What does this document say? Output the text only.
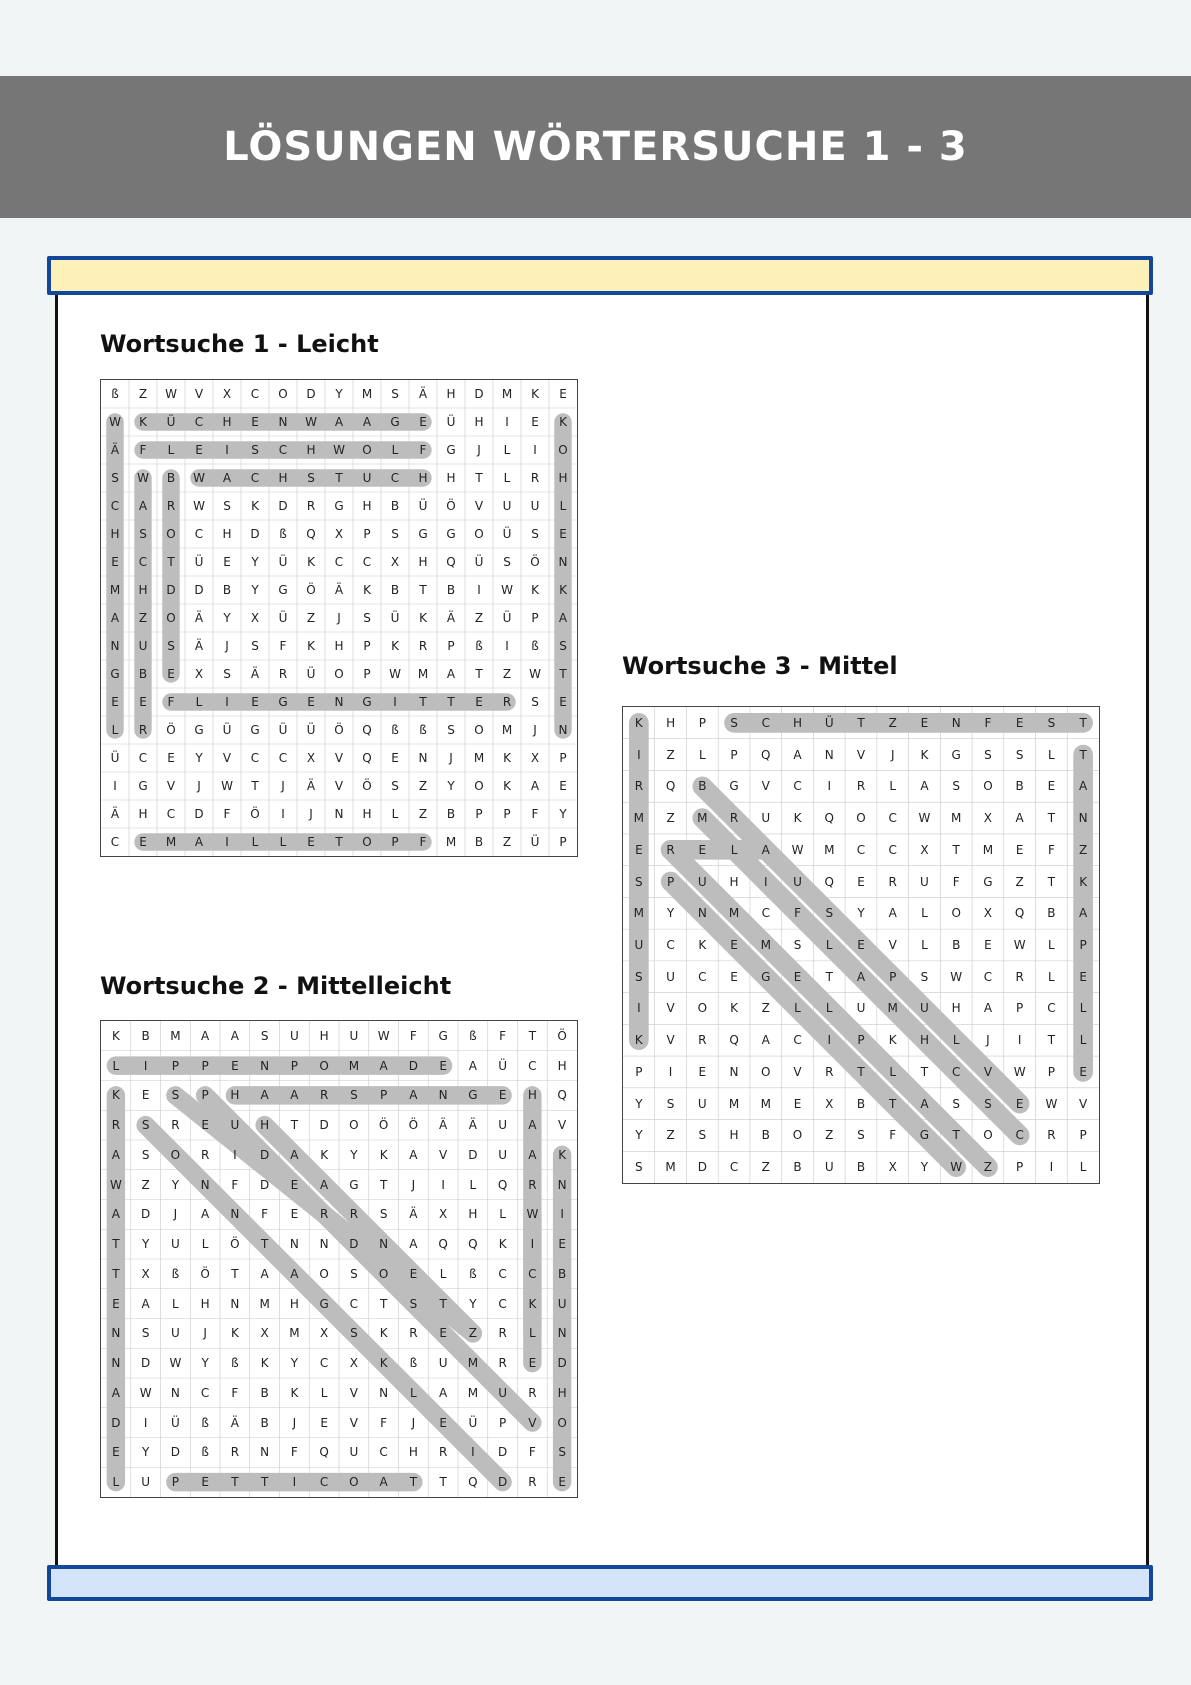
LÖSUNGEN WÖRTERSUCHE 1 - 3
Wortsuche 1 - Leicht
ß	Z	W	V	X	C	O	D	Y	M	S	Ä	H	D	M	K	E
W	K	Ü	C	H	E	N	W	A	A	G	E	Ü	H	I	E	K
Ä	F	L	E	I	S	C	H	W	O	L	F	G	J	L	I	O
S	W	B	W	A	C	H	S	T	U	C	H	H	T	L	R	H
C	A	R	W	S	K	D	R	G	H	B	Ü	Ö	V	U	U	L
H	S	O	C	H	D	ß	Q	X	P	S	G	G	O	Ü	S	E
E	C	T	Ü	E	Y	Ü	K	C	C	X	H	Q	Ü	S	Ö	N
M	H	D	D	B	Y	G	Ö	Ä	K	B	T	B	I	W	K	K
A	Z	O	Ä	Y	X	Ü	Z	J	S	Ü	K	Ä	Z	Ü	P	A
N	U	S	Ä	J	S	F	K	H	P	K	R	P	ß	I	ß	S
G	B	E	X	S	Ä	R	Ü	O	P	W	M	A	T	Z	W	T
E	E	F	L	I	E	G	E	N	G	I	T	T	E	R	S	E
L	R	Ö	G	Ü	G	Ü	Ü	Ö	Q	ß	ß	S	O	M	J	N
Ü	C	E	Y	V	C	C	X	V	Q	E	N	J	M	K	X	P
I	G	V	J	W	T	J	Ä	V	Ö	S	Z	Y	O	K	A	E
Ä	H	C	D	F	Ö	I	J	N	H	L	Z	B	P	P	F	Y
C	E	M	A	I	L	L	E	T	O	P	F	M	B	Z	Ü	P
Wortsuche 2 - Mittelleicht
K	B	M	A	A	S	U	H	U	W	F	G	ß	F	T	Ö
L	I	P	P	E	N	P	O	M	A	D	E	A	Ü	C	H
K	E	S	P	H	A	A	R	S	P	A	N	G	E	H	Q
R	S	R	E	U	H	T	D	O	Ö	Ö	Ä	Ä	U	A	V
A	S	O	R	I	D	A	K	Y	K	A	V	D	U	A	K
W	Z	Y	N	F	D	E	A	G	T	J	I	L	Q	R	N
A	D	J	A	N	F	E	R	R	S	Ä	X	H	L	W	I
T	Y	U	L	Ö	T	N	N	D	N	A	Q	Q	K	I	E
T	X	ß	Ö	T	A	A	O	S	O	E	L	ß	C	C	B
E	A	L	H	N	M	H	G	C	T	S	T	Y	C	K	U
N	S	U	J	K	X	M	X	S	K	R	E	Z	R	L	N
N	D	W	Y	ß	K	Y	C	X	K	ß	U	M	R	E	D
A	W	N	C	F	B	K	L	V	N	L	A	M	U	R	H
D	I	Ü	ß	Ä	B	J	E	V	F	J	E	Ü	P	V	O
E	Y	D	ß	R	N	F	Q	U	C	H	R	I	D	F	S
L	U	P	E	T	T	I	C	O	A	T	T	Q	D	R	E
Wortsuche 3 - Mittel
K	H	P	S	C	H	Ü	T	Z	E	N	F	E	S	T
I	Z	L	P	Q	A	N	V	J	K	G	S	S	L	T
R	Q	B	G	V	C	I	R	L	A	S	O	B	E	A
M	Z	M	R	U	K	Q	O	C	W	M	X	A	T	N
E	R	E	L	A	W	M	C	C	X	T	M	E	F	Z
S	P	U	H	I	U	Q	E	R	U	F	G	Z	T	K
M	Y	N	M	C	F	S	Y	A	L	O	X	Q	B	A
U	C	K	E	M	S	L	E	V	L	B	E	W	L	P
S	U	C	E	G	E	T	A	P	S	W	C	R	L	E
I	V	O	K	Z	L	L	U	M	U	H	A	P	C	L
K	V	R	Q	A	C	I	P	K	H	L	J	I	T	L
P	I	E	N	O	V	R	T	L	T	C	V	W	P	E
Y	S	U	M	M	E	X	B	T	A	S	S	E	W	V
Y	Z	S	H	B	O	Z	S	F	G	T	O	C	R	P
S	M	D	C	Z	B	U	B	X	Y	W	Z	P	I	L
